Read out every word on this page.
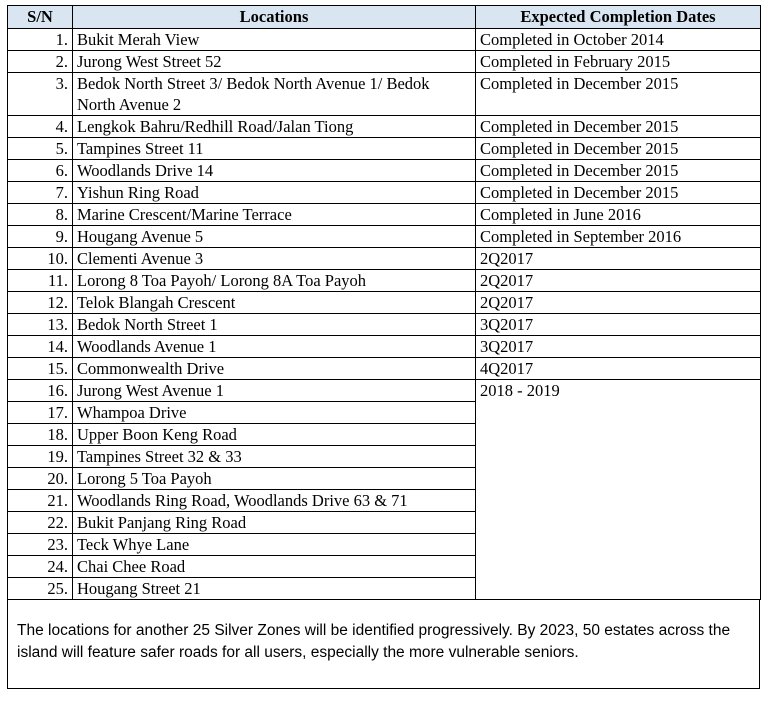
S/N	Locations	Expected Completion Dates
1.	Bukit Merah View	Completed in October 2014
2.	Jurong West Street 52	Completed in February 2015
3.	Bedok North Street 3/ Bedok North Avenue 1/ Bedok North Avenue 2	Completed in December 2015
4.	Lengkok Bahru/Redhill Road/Jalan Tiong	Completed in December 2015
5.	Tampines Street 11	Completed in December 2015
6.	Woodlands Drive 14	Completed in December 2015
7.	Yishun Ring Road	Completed in December 2015
8.	Marine Crescent/Marine Terrace	Completed in June 2016
9.	Hougang Avenue 5	Completed in September 2016
10.	Clementi Avenue 3	2Q2017
11.	Lorong 8 Toa Payoh/ Lorong 8A Toa Payoh	2Q2017
12.	Telok Blangah Crescent	2Q2017
13.	Bedok North Street 1	3Q2017
14.	Woodlands Avenue 1	3Q2017
15.	Commonwealth Drive	4Q2017
16.	Jurong West Avenue 1	2018 - 2019
17.	Whampoa Drive	
18.	Upper Boon Keng Road	
19.	Tampines Street 32 & 33	
20.	Lorong 5 Toa Payoh	
21.	Woodlands Ring Road, Woodlands Drive 63 & 71	
22.	Bukit Panjang Ring Road	
23.	Teck Whye Lane	
24.	Chai Chee Road	
25.	Hougang Street 21	

The locations for another 25 Silver Zones will be identified progressively. By 2023, 50 estates across the island will feature safer roads for all users, especially the more vulnerable seniors.
